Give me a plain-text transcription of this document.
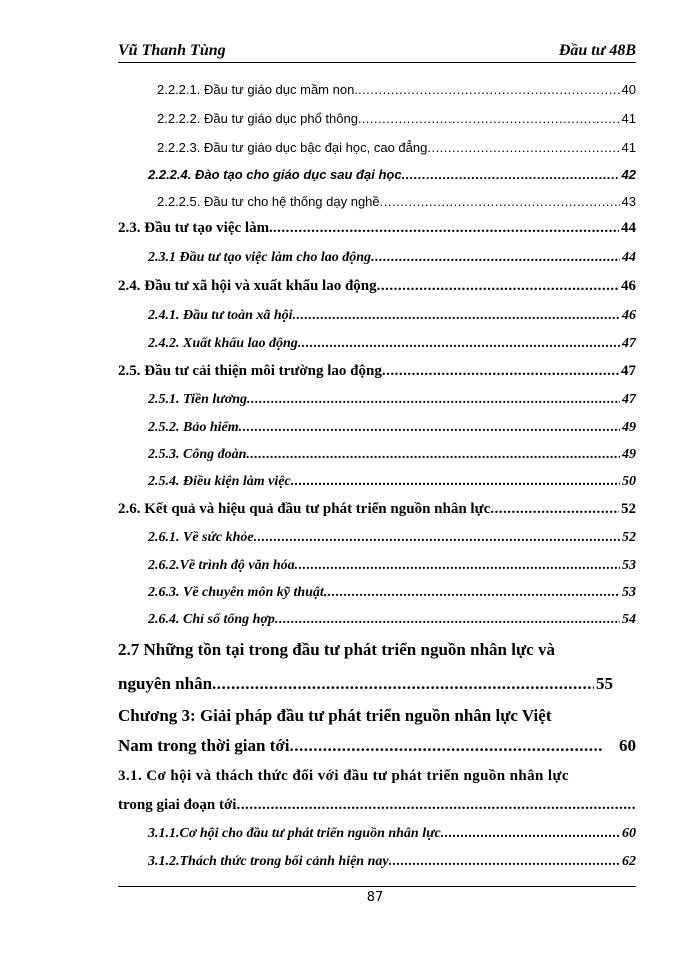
Vũ Thanh Tùng	Đầu tư 48B
2.2.2.1. Đầu tư giáo dục mầm non. .....	40
2.2.2.2. Đầu tư giáo dục phổ thông. .....	41
2.2.2.3. Đầu tư giáo dục bậc đại học, cao đẳng .....	41
2.2.2.4. Đào tạo cho giáo dục sau đại học .....	42
2.2.2.5. Đầu tư cho hệ thống dạy nghề .....	43
2.3. Đầu tư tạo việc làm. .....	44
2.3.1 Đầu tư tạo việc làm cho lao động .....	44
2.4. Đầu tư xã hội và xuất khẩu lao động .....	46
2.4.1. Đầu tư toàn xã hội .....	46
2.4.2. Xuất khẩu lao động .....	47
2.5. Đầu tư cải thiện môi trường lao động .....	47
2.5.1. Tiền lương .....	47
2.5.2. Bảo hiểm .....	49
2.5.3. Công đoàn .....	49
2.5.4. Điều kiện làm việc .....	50
2.6. Kết quả và hiệu quả đầu tư phát triển nguồn nhân lực .....	52
2.6.1. Về sức khỏe .....	52
2.6.2.Về trình độ văn hóa .....	53
2.6.3. Về chuyên môn kỹ thuật .....	53
2.6.4. Chỉ số tổng hợp .....	54
2.7 Những tồn tại trong đầu tư phát triển nguồn nhân lực và
nguyên nhân .....	55
Chương 3: Giải pháp đầu tư phát triển nguồn nhân lực Việt
Nam trong thời gian tới .....	60
3.1. Cơ hội và thách thức đối với đầu tư phát triển nguồn nhân lực
trong giai đoạn tới
.....
3.1.1.Cơ hội cho đầu tư phát triển nguồn nhân lực .....	60
3.1.2.Thách thức trong bối cảnh hiện nay .....	62
87
